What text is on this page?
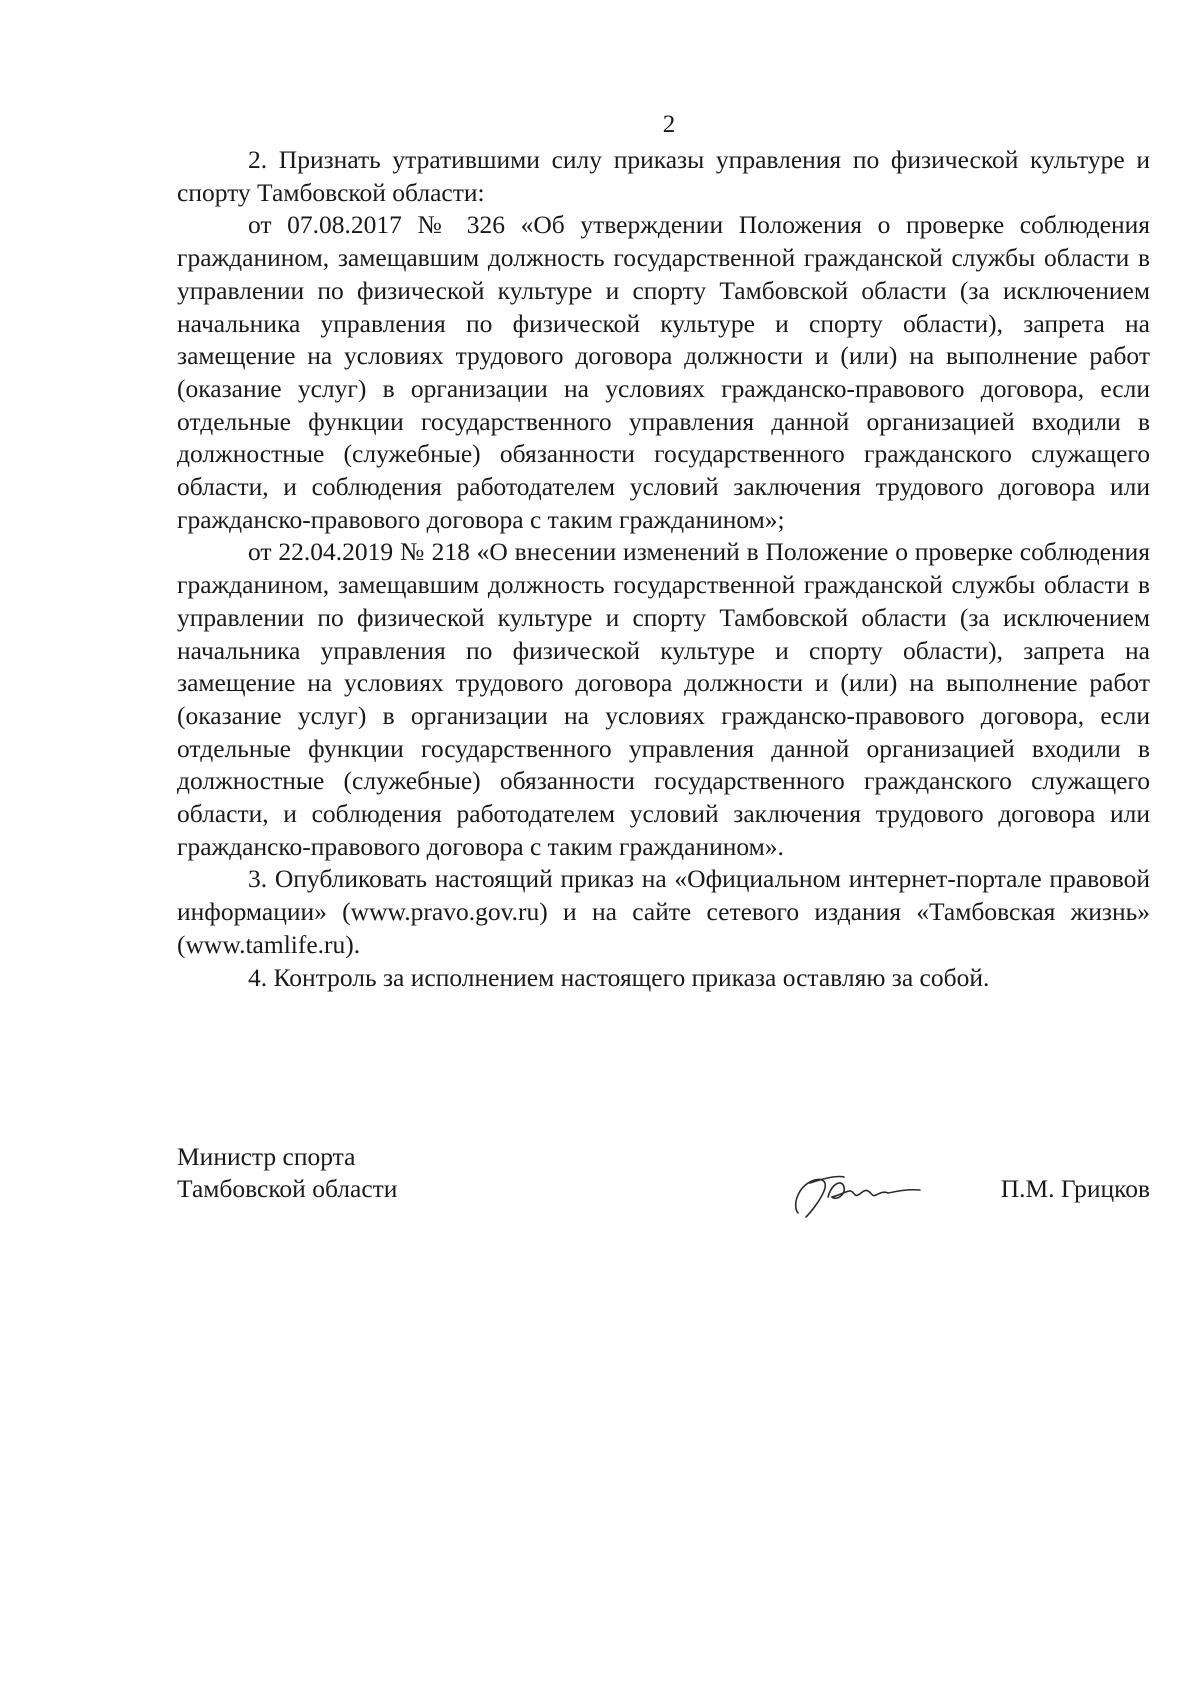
2

2. Признать утратившими силу приказы управления по физической культуре и спорту Тамбовской области:

от 07.08.2017 № 326 «Об утверждении Положения о проверке соблюдения гражданином, замещавшим должность государственной гражданской службы области в управлении по физической культуре и спорту Тамбовской области (за исключением начальника управления по физической культуре и спорту области), запрета на замещение на условиях трудового договора должности и (или) на выполнение работ (оказание услуг) в организации на условиях гражданско-правового договора, если отдельные функции государственного управления данной организацией входили в должностные (служебные) обязанности государственного гражданского служащего области, и соблюдения работодателем условий заключения трудового договора или гражданско-правового договора с таким гражданином»;

от 22.04.2019 № 218 «О внесении изменений в Положение о проверке соблюдения гражданином, замещавшим должность государственной гражданской службы области в управлении по физической культуре и спорту Тамбовской области (за исключением начальника управления по физической культуре и спорту области), запрета на замещение на условиях трудового договора должности и (или) на выполнение работ (оказание услуг) в организации на условиях гражданско-правового договора, если отдельные функции государственного управления данной организацией входили в должностные (служебные) обязанности государственного гражданского служащего области, и соблюдения работодателем условий заключения трудового договора или гражданско-правового договора с таким гражданином».

3. Опубликовать настоящий приказ на «Официальном интернет-портале правовой информации» (www.pravo.gov.ru) и на сайте сетевого издания «Тамбовская жизнь» (www.tamlife.ru).

4. Контроль за исполнением настоящего приказа оставляю за собой.

Министр спорта
Тамбовской области	П.М. Грицков
